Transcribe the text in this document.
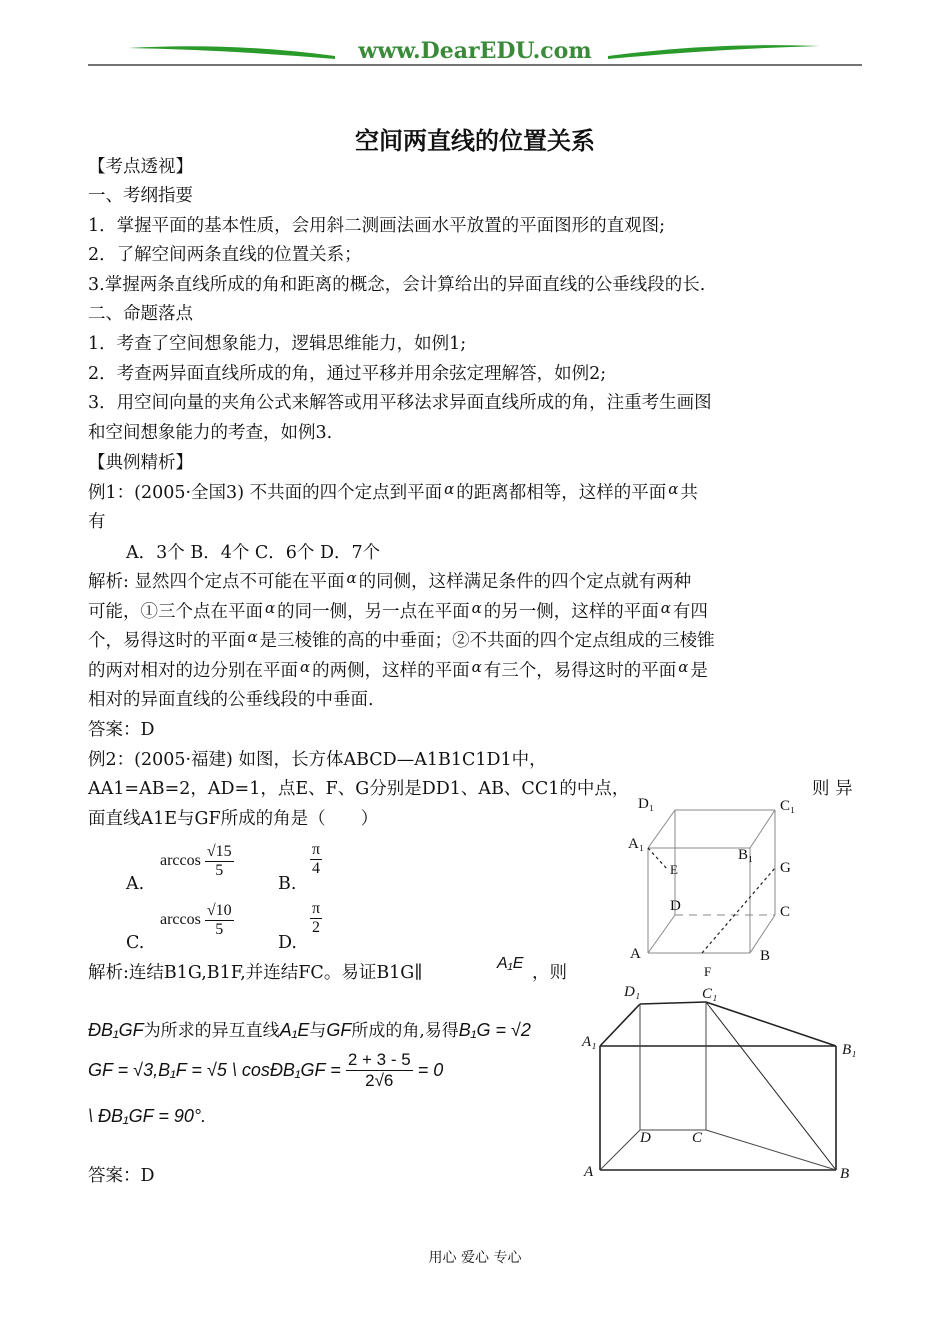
www.DearEDU.com
空间两直线的位置关系
【考点透视】
一、考纲指要
1．掌握平面的基本性质，会用斜二测画法画水平放置的平面图形的直观图;
2．了解空间两条直线的位置关系；
3.掌握两条直线所成的角和距离的概念，会计算给出的异面直线的公垂线段的长.
二、命题落点
1．考查了空间想象能力，逻辑思维能力，如例1;
2．考查两异面直线所成的角，通过平移并用余弦定理解答，如例2;
3．用空间向量的夹角公式来解答或用平移法求异面直线所成的角，注重考生画图
和空间想象能力的考查，如例3.
【典例精析】
例1：(2005·全国3) 不共面的四个定点到平面 α 的距离都相等，这样的平面 α 共
有
A．3个 B．4个 C．6个 D．7个
解析: 显然四个定点不可能在平面 α 的同侧，这样满足条件的四个定点就有两种
可能，①三个点在平面 α 的同一侧，另一点在平面 α 的另一侧，这样的平面 α 有四
个，易得这时的平面 α 是三棱锥的高的中垂面；②不共面的四个定点组成的三棱锥
的两对相对的边分别在平面 α 的两侧，这样的平面 α 有三个，易得这时的平面 α 是
相对的异面直线的公垂线段的中垂面.
答案：D
例2：(2005·福建) 如图，长方体ABCD—A1B1C1D1中，
AA1=AB=2，AD=1，点E、F、G分别是DD1、AB、CC1的中点，	则 异
面直线A1E与GF所成的角是（　　）
A.
$\arccos \frac{√15}{5}$
B.
$\frac{\pi}{4}$
C.
$\arccos \frac{√10}{5}$
D.
$\frac{\pi}{2}$
解析:连结B1G,B1F,并连结FC。易证B1G∥	A₁E ，则
ÐB₁GF为所求的异互直线A₁E与GF所成的角,易得B₁G = √2
GF = √3,B₁F = √5 \ cosÐB₁GF = $\frac{2 + 3 - 5}{2√6} = 0$
\ ÐB₁GF = 90°.
答案：D
D₁	C₁
A₁
B₁
E	G
D	C
A	B
F
D₁	C₁
A₁	B₁
D	C
A	B
用心 爱心 专心
